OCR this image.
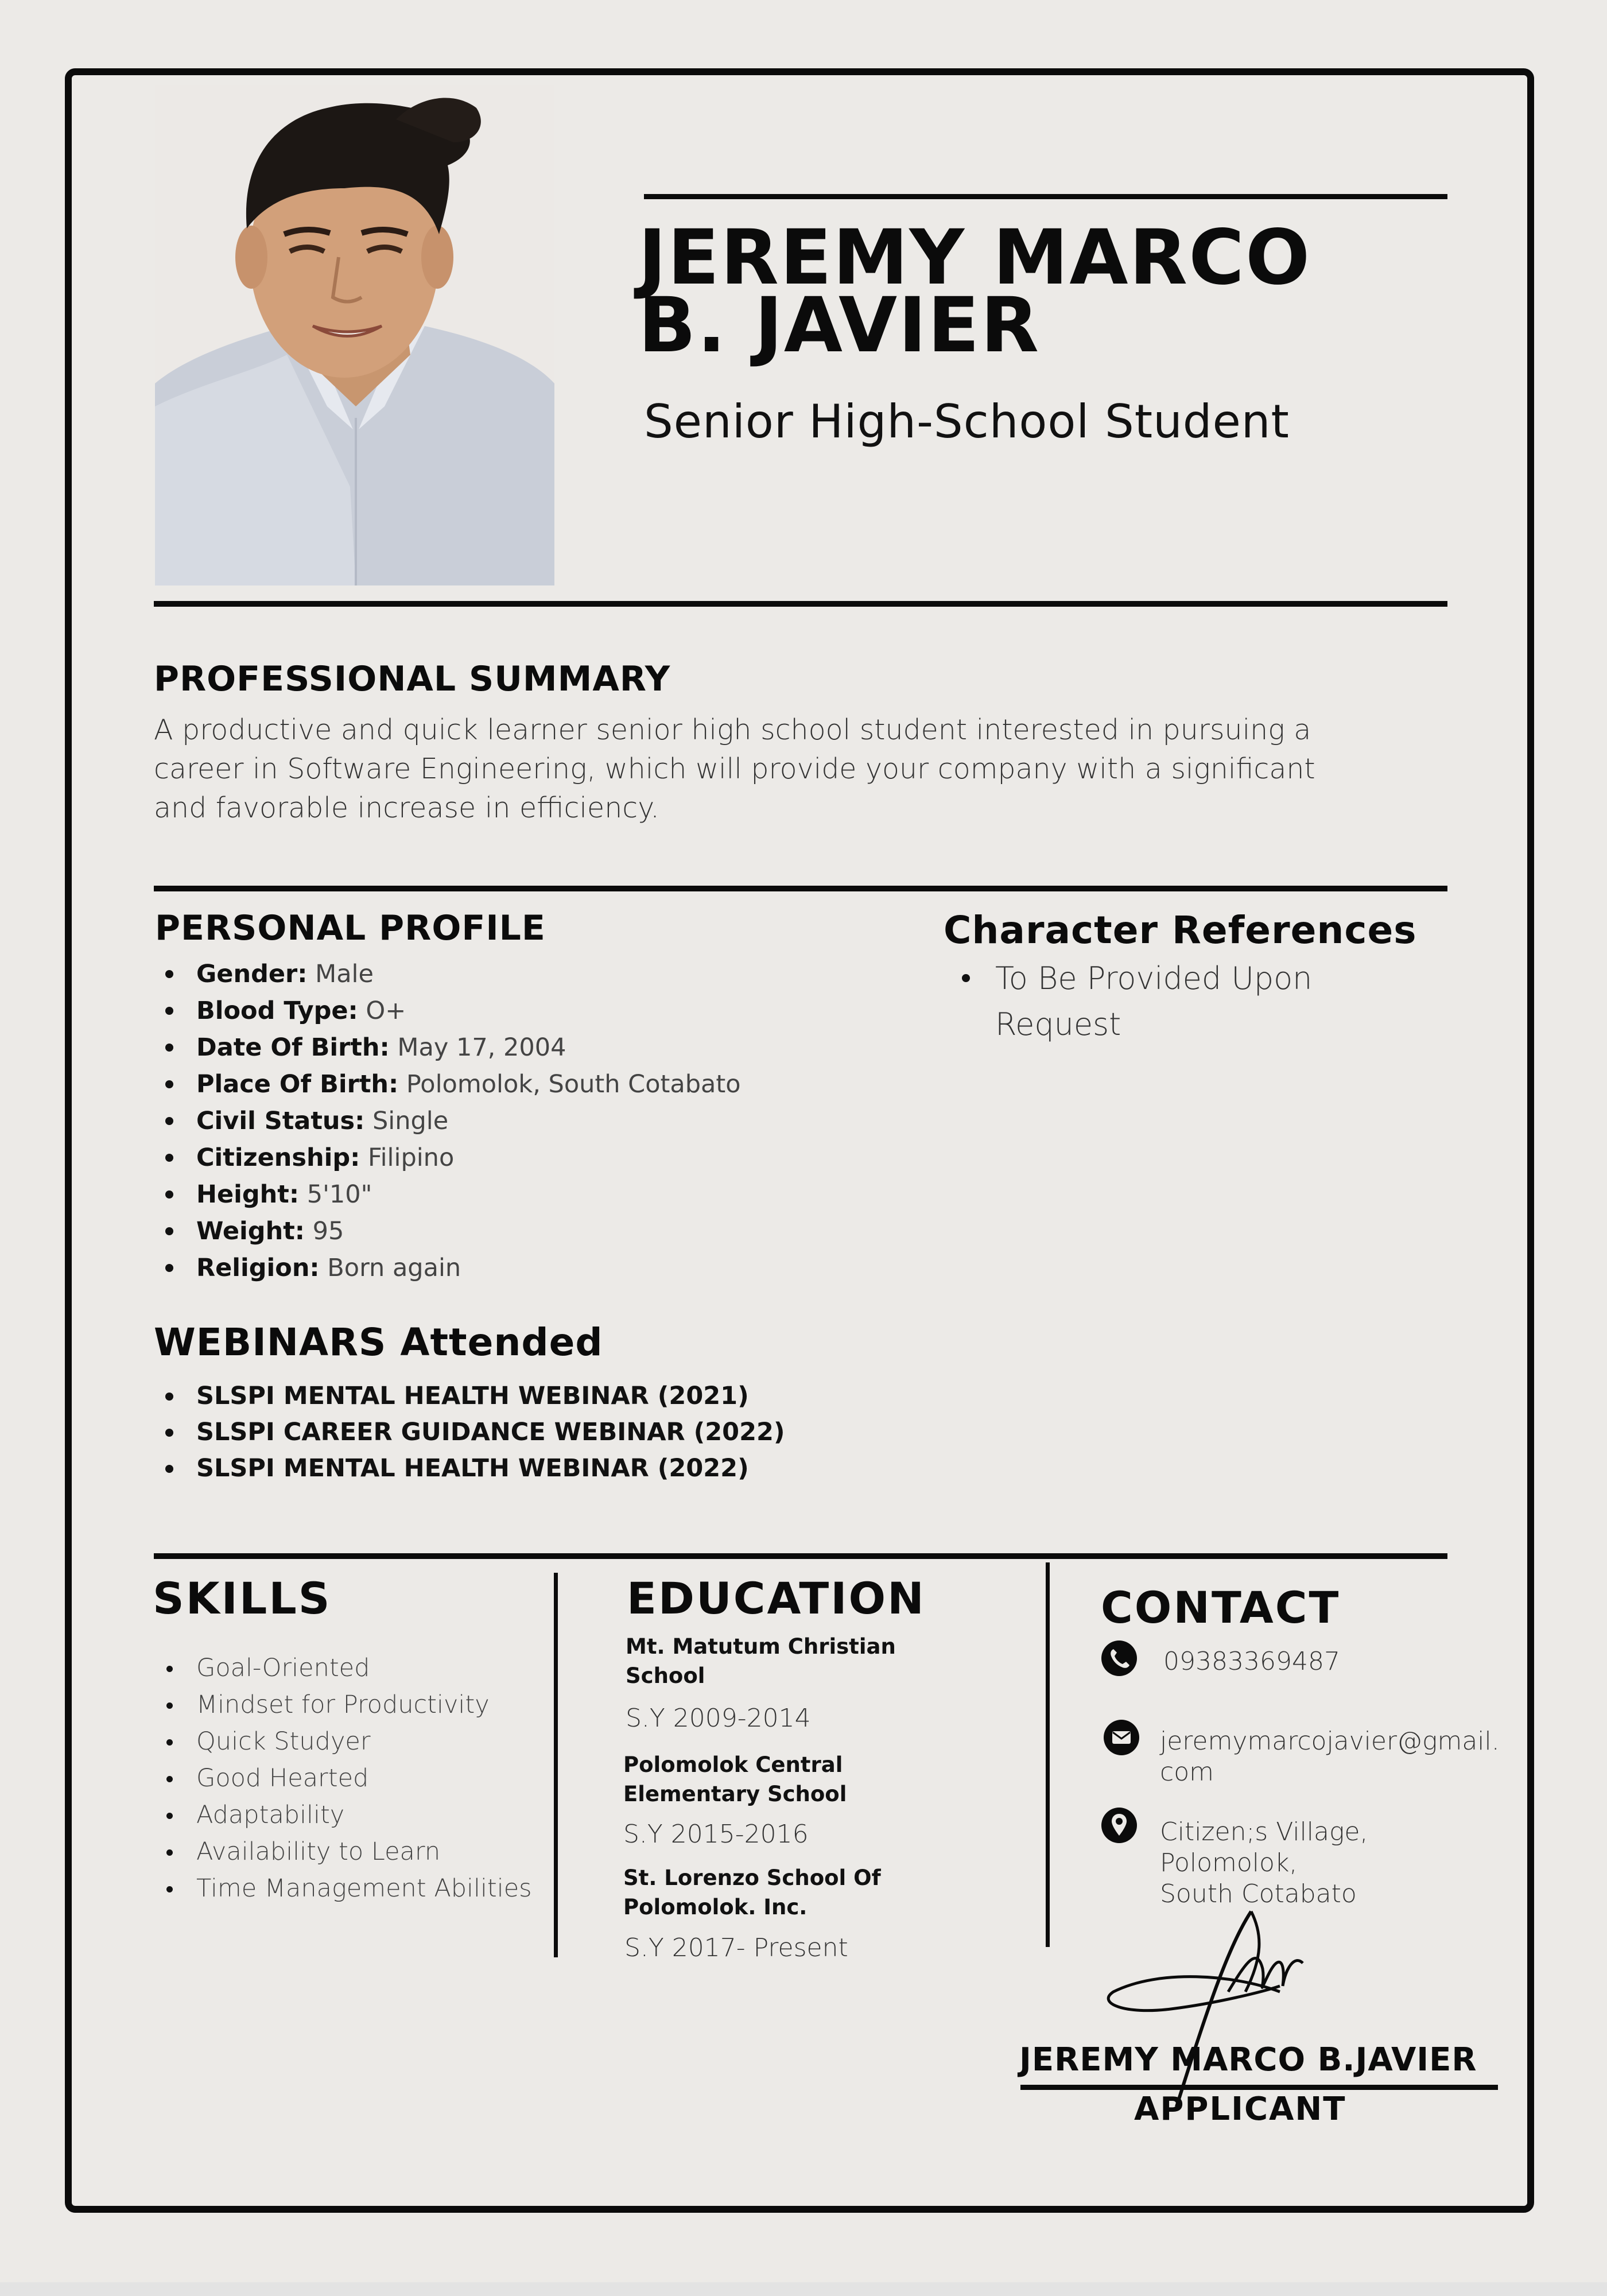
JEREMY MARCO
B. JAVIER
Senior High-School Student
PROFESSIONAL SUMMARY
A productive and quick learner senior high school student interested in pursuing a career in Software Engineering, which will provide your company with a significant and favorable increase in efficiency.
PERSONAL PROFILE
Gender: Male
Blood Type: O+
Date Of Birth: May 17, 2004
Place Of Birth: Polomolok, South Cotabato
Civil Status: Single
Citizenship: Filipino
Height: 5'10"
Weight: 95
Religion: Born again
Character References
To Be Provided Upon Request
WEBINARS Attended
SLSPI MENTAL HEALTH WEBINAR (2021)
SLSPI CAREER GUIDANCE WEBINAR (2022)
SLSPI MENTAL HEALTH WEBINAR (2022)
SKILLS
Goal-Oriented
Mindset for Productivity
Quick Studyer
Good Hearted
Adaptability
Availability to Learn
Time Management Abilities
EDUCATION
Mt. Matutum Christian School
S.Y 2009-2014
Polomolok Central Elementary School
S.Y 2015-2016
St. Lorenzo School Of Polomolok. Inc.
S.Y 2017- Present
CONTACT
09383369487
jeremymarcojavier@gmail.
com
Citizen;s Village, Polomolok,
South Cotabato
JEREMY MARCO B.JAVIER
APPLICANT
